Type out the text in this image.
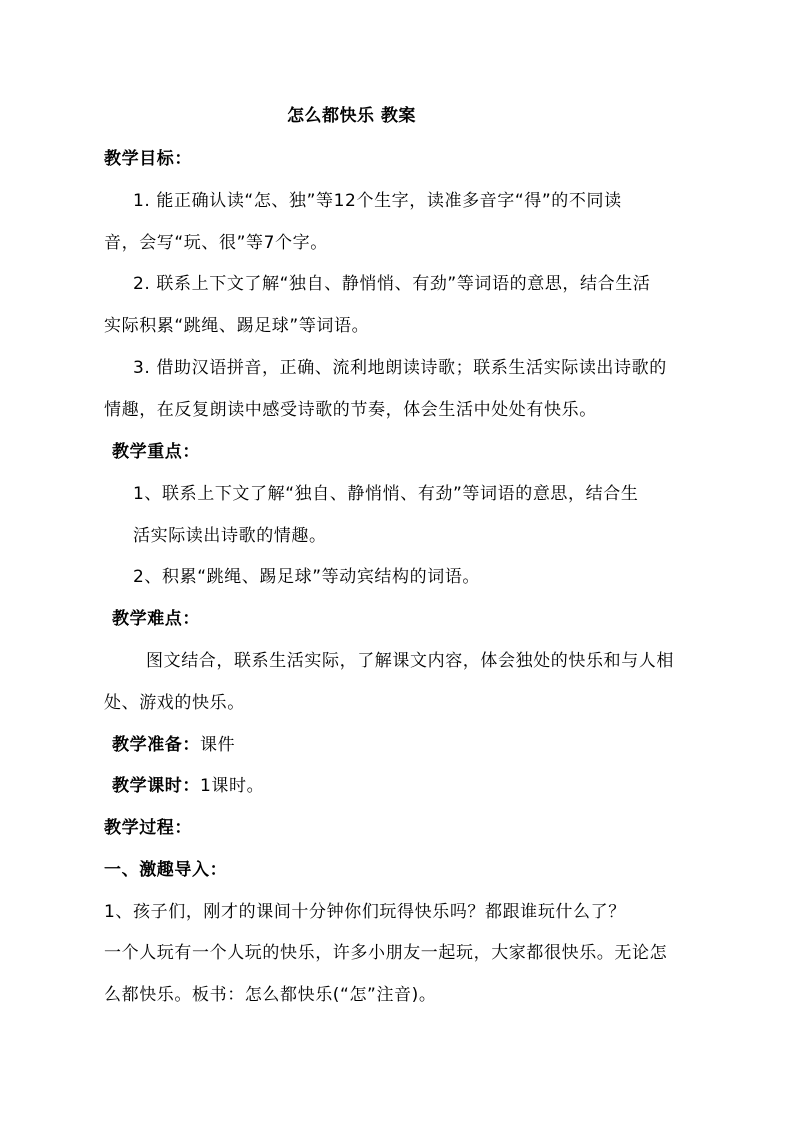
怎么都快乐 教案
教学目标：
1. 能正确认读“怎、独”等12个生字，读准多音字“得”的不同读
音，会写“玩、很”等7个字。
2. 联系上下文了解“独自、静悄悄、有劲”等词语的意思，结合生活
实际积累“跳绳、踢足球”等词语。
3. 借助汉语拼音，正确、流利地朗读诗歌；联系生活实际读出诗歌的
情趣，在反复朗读中感受诗歌的节奏，体会生活中处处有快乐。
教学重点：
1、联系上下文了解“独自、静悄悄、有劲”等词语的意思，结合生
活实际读出诗歌的情趣。
2、积累“跳绳、踢足球”等动宾结构的词语。
教学难点：
图文结合，联系生活实际，了解课文内容，体会独处的快乐和与人相
处、游戏的快乐。
教学准备：课件
教学课时：1课时。
教学过程：
一、激趣导入：
1、孩子们，刚才的课间十分钟你们玩得快乐吗？都跟谁玩什么了？
一个人玩有一个人玩的快乐，许多小朋友一起玩，大家都很快乐。无论怎
么都快乐。板书：怎么都快乐(“怎”注音)。
